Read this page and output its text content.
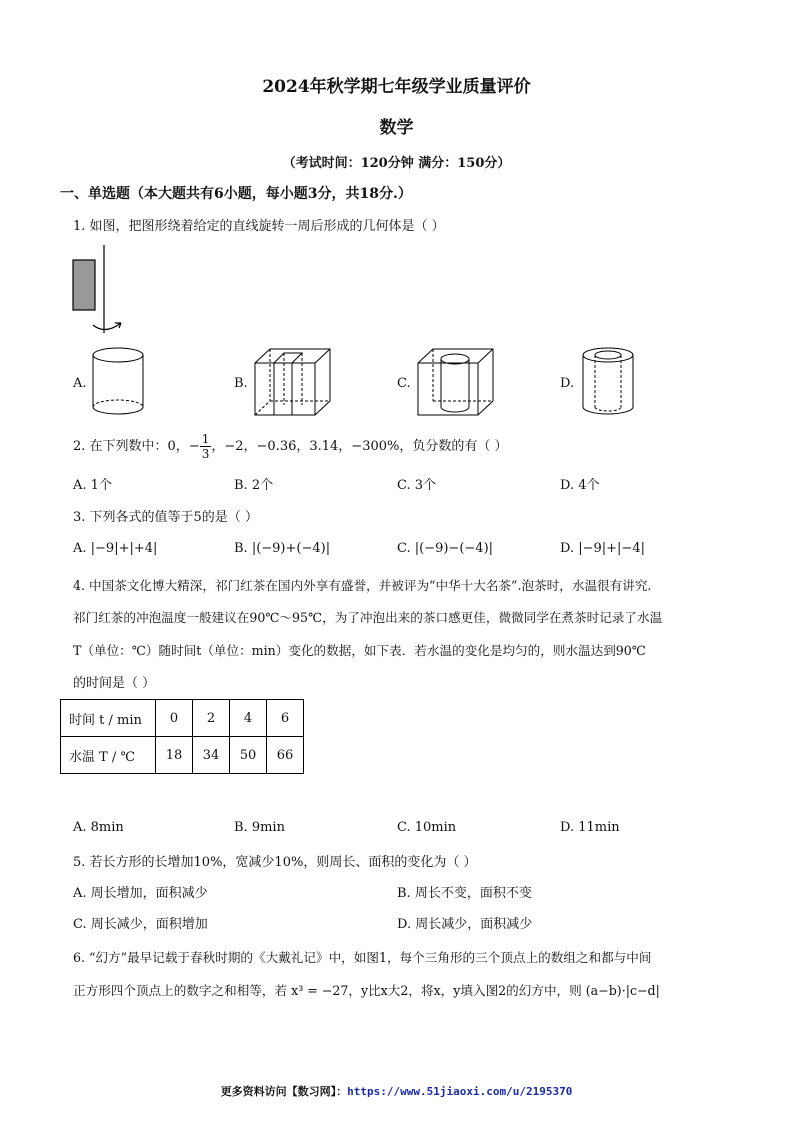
2024年秋学期七年级学业质量评价
数学
（考试时间：120分钟 满分：150分）
一、单选题（本大题共有6小题，每小题3分，共18分.）
1. 如图，把图形绕着给定的直线旋转一周后形成的几何体是（ ）
A.	B.	C.	D.
2. 在下列数中：0，− $\frac{1}{3}$ ，−2，−0.36̇，3.14，−300%，负分数的有（ ）
A. 1个	B. 2个	C. 3个	D. 4个
3. 下列各式的值等于5的是（ ）
A. |−9|+|+4|	B. |(−9)+(−4)|	C. |(−9)−(−4)|	D. |−9|+|−4|
4. 中国茶文化博大精深，祁门红茶在国内外享有盛誉，并被评为“中华十大名茶”.泡茶时，水温很有讲究.
祁门红茶的冲泡温度一般建议在90℃～95℃，为了冲泡出来的茶口感更佳，微微同学在煮茶时记录了水温
T（单位：℃）随时间t（单位：min）变化的数据，如下表．若水温的变化是均匀的，则水温达到90℃
的时间是（ ）
时间 t / min	0	2	4	6
水温 T / ℃	18	34	50	66
A. 8min	B. 9min	C. 10min	D. 11min
5. 若长方形的长增加10%，宽减少10%，则周长、面积的变化为（ ）
A. 周长增加，面积减少	B. 周长不变，面积不变
C. 周长减少，面积增加	D. 周长减少，面积减少
6. “幻方”最早记载于春秋时期的《大戴礼记》中，如图1，每个三角形的三个顶点上的数组之和都与中间
正方形四个顶点上的数字之和相等，若 x³ = −27，y比x大2，将x，y填入图2的幻方中，则 (a−b)·|c−d|
更多资料访问【数习网】：https://www.51jiaoxi.com/u/2195370
